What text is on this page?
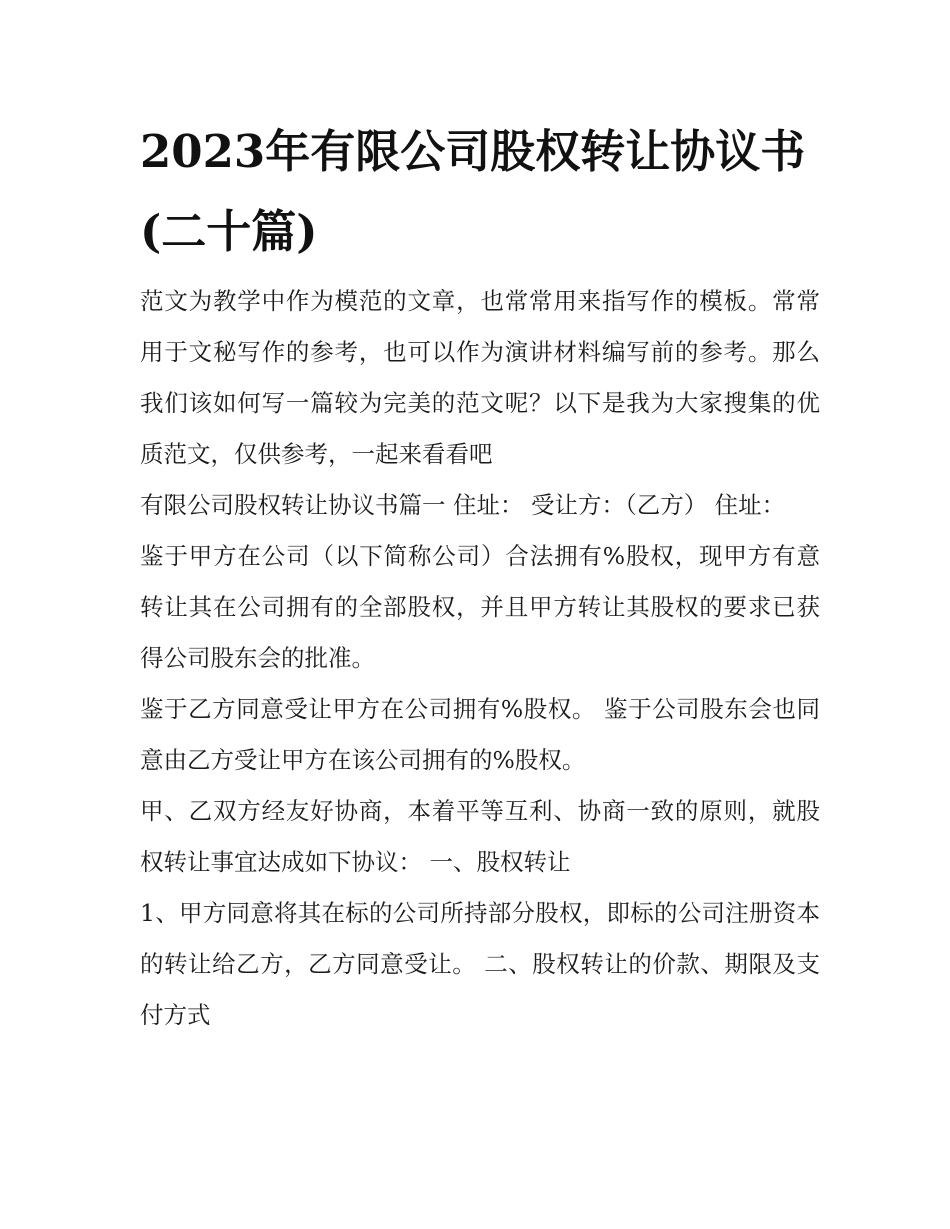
2023年有限公司股权转让协议书(二十篇)

范文为教学中作为模范的文章，也常常用来指写作的模板。常常用于文秘写作的参考，也可以作为演讲材料编写前的参考。那么我们该如何写一篇较为完美的范文呢？以下是我为大家搜集的优质范文，仅供参考，一起来看看吧

有限公司股权转让协议书篇一 住址： 受让方：（乙方） 住址：

鉴于甲方在公司（以下简称公司）合法拥有%股权，现甲方有意转让其在公司拥有的全部股权，并且甲方转让其股权的要求已获得公司股东会的批准。

鉴于乙方同意受让甲方在公司拥有%股权。 鉴于公司股东会也同意由乙方受让甲方在该公司拥有的%股权。

甲、乙双方经友好协商，本着平等互利、协商一致的原则，就股权转让事宜达成如下协议： 一、股权转让

1、甲方同意将其在标的公司所持部分股权，即标的公司注册资本的转让给乙方，乙方同意受让。 二、股权转让的价款、期限及支付方式
